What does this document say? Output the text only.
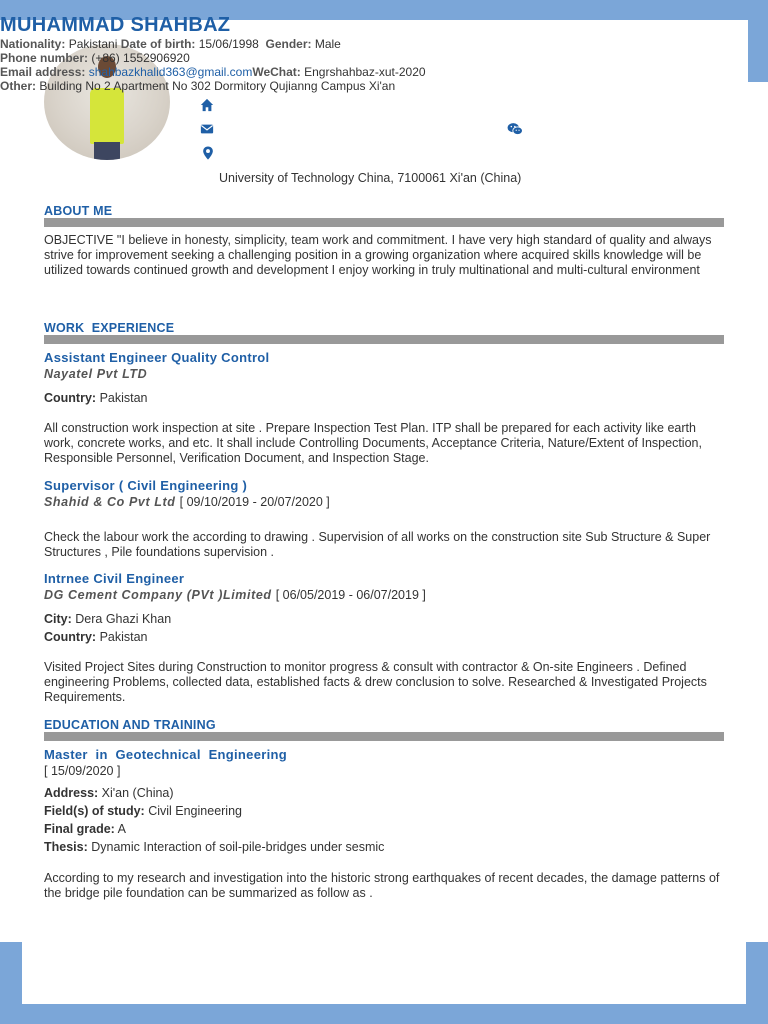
MUHAMMAD SHAHBAZ
Nationality: Pakistani Date of birth: 15/06/1998 Gender: Male
Phone number: (+86) 1552906920
Email address: shahbazkhalid363@gmail.comWeChat: Engrshahbaz-xut-2020
Other: Building No 2 Apartment No 302 Dormitory Qujianng Campus Xi'an
University of Technology China, 7100061 Xi'an (China)
ABOUT ME
OBJECTIVE "I believe in honesty, simplicity, team work and commitment. I have very high standard of quality and always strive for improvement seeking a challenging position in a growing organization where acquired skills knowledge will be utilized towards continued growth and development I enjoy working in truly multinational and multi-cultural environment
WORK  EXPERIENCE
Assistant Engineer Quality Control
Nayatel Pvt LTD
Country: Pakistan
All construction work inspection at site . Prepare Inspection Test Plan. ITP shall be prepared for each activity like earth work, concrete works, and etc. It shall include Controlling Documents, Acceptance Criteria, Nature/Extent of Inspection, Responsible Personnel, Verification Document, and Inspection Stage.
Supervisor ( Civil Engineering )
Shahid & Co Pvt Ltd [ 09/10/2019 - 20/07/2020 ]
Check the labour work the according to drawing . Supervision of all works on the construction site Sub Structure & Super Structures , Pile foundations supervision .
Intrnee Civil Engineer
DG Cement Company (PVt )Limited [ 06/05/2019 - 06/07/2019 ]
City: Dera Ghazi Khan
Country: Pakistan
Visited Project Sites during Construction to monitor progress & consult with contractor & On-site Engineers . Defined engineering Problems, collected data, established facts & drew conclusion to solve. Researched & Investigated Projects Requirements.
EDUCATION AND TRAINING
Master  in  Geotechnical  Engineering
[ 15/09/2020 ]
Address: Xi'an (China)
Field(s) of study: Civil Engineering
Final grade: A
Thesis: Dynamic Interaction of soil-pile-bridges under sesmic
According to my research and investigation into the historic strong earthquakes of recent decades, the damage patterns of the bridge pile foundation can be summarized as follow as .
